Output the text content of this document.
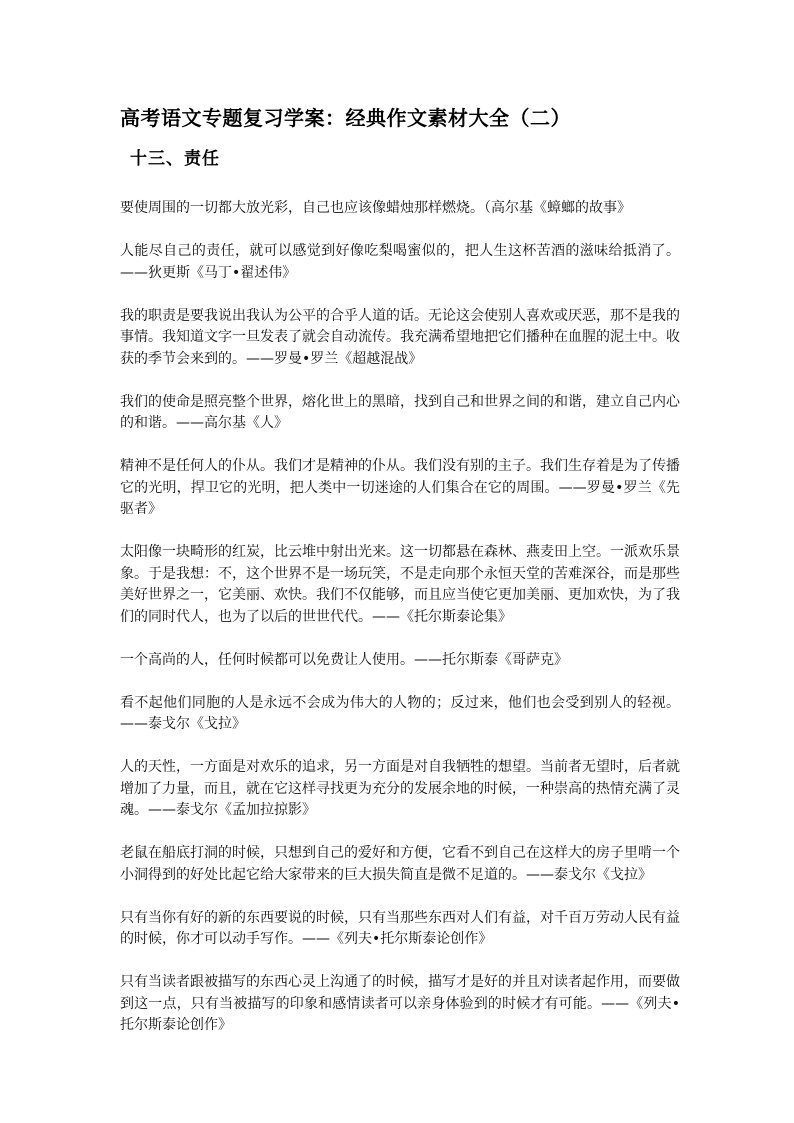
高考语文专题复习学案：经典作文素材大全（二）
十三、责任

要使周围的一切都大放光彩，自己也应该像蜡烛那样燃烧。（高尔基《蟑螂的故事》

人能尽自己的责任，就可以感觉到好像吃梨喝蜜似的，把人生这杯苦酒的滋味给抵消了。——狄更斯《马丁•翟述伟》

我的职责是要我说出我认为公平的合乎人道的话。无论这会使别人喜欢或厌恶，那不是我的事情。我知道文字一旦发表了就会自动流传。我充满希望地把它们播种在血腥的泥土中。收获的季节会来到的。——罗曼•罗兰《超越混战》

我们的使命是照亮整个世界，熔化世上的黑暗，找到自己和世界之间的和谐，建立自己内心的和谐。——高尔基《人》

精神不是任何人的仆从。我们才是精神的仆从。我们没有别的主子。我们生存着是为了传播它的光明，捍卫它的光明，把人类中一切迷途的人们集合在它的周围。——罗曼•罗兰《先驱者》

太阳像一块畸形的红炭，比云堆中射出光来。这一切都悬在森林、燕麦田上空。一派欢乐景象。于是我想：不，这个世界不是一场玩笑，不是走向那个永恒天堂的苦难深谷，而是那些美好世界之一，它美丽、欢快。我们不仅能够，而且应当使它更加美丽、更加欢快，为了我们的同时代人，也为了以后的世世代代。——《托尔斯泰论集》

一个高尚的人，任何时候都可以免费让人使用。——托尔斯泰《哥萨克》

看不起他们同胞的人是永远不会成为伟大的人物的；反过来，他们也会受到别人的轻视。——泰戈尔《戈拉》

人的天性，一方面是对欢乐的追求，另一方面是对自我牺牲的想望。当前者无望时，后者就增加了力量，而且，就在它这样寻找更为充分的发展余地的时候，一种崇高的热情充满了灵魂。——泰戈尔《孟加拉掠影》

老鼠在船底打洞的时候，只想到自己的爱好和方便，它看不到自己在这样大的房子里啃一个小洞得到的好处比起它给大家带来的巨大损失简直是微不足道的。——泰戈尔《戈拉》

只有当你有好的新的东西要说的时候，只有当那些东西对人们有益，对千百万劳动人民有益的时候，你才可以动手写作。——《列夫•托尔斯泰论创作》

只有当读者跟被描写的东西心灵上沟通了的时候，描写才是好的并且对读者起作用，而要做到这一点，只有当被描写的印象和感情读者可以亲身体验到的时候才有可能。——《列夫•托尔斯泰论创作》
